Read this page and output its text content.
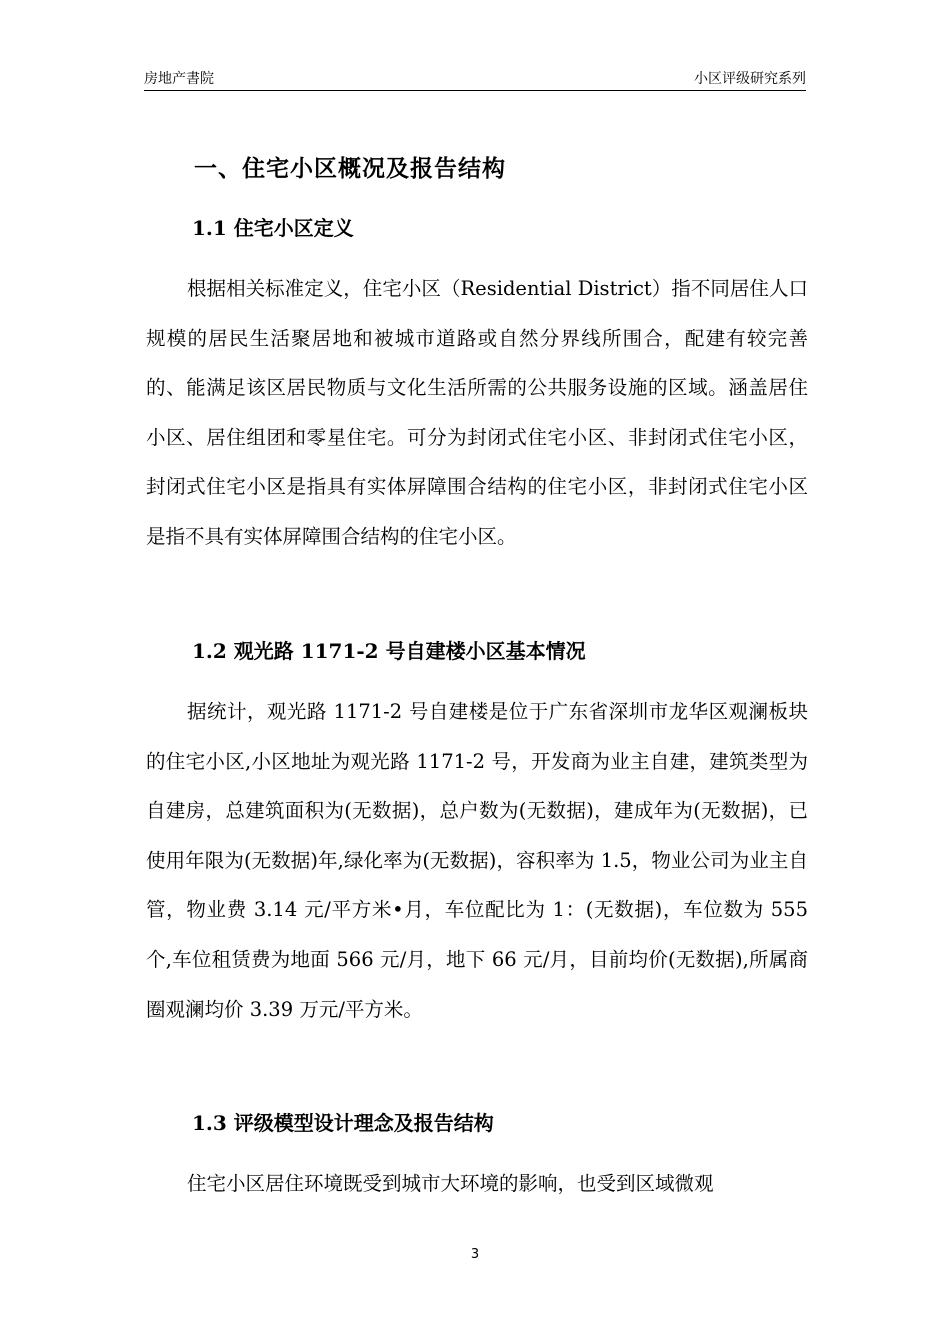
房地产書院	小区评级研究系列
一、住宅小区概况及报告结构
1.1 住宅小区定义

根据相关标准定义，住宅小区（Residential District）指不同居住人口规模的居民生活聚居地和被城市道路或自然分界线所围合，配建有较完善的、能满足该区居民物质与文化生活所需的公共服务设施的区域。涵盖居住小区、居住组团和零星住宅。可分为封闭式住宅小区、非封闭式住宅小区，封闭式住宅小区是指具有实体屏障围合结构的住宅小区，非封闭式住宅小区是指不具有实体屏障围合结构的住宅小区。

1.2 观光路 1171-2 号自建楼小区基本情况

据统计，观光路 1171-2 号自建楼是位于广东省深圳市龙华区观澜板块的住宅小区,小区地址为观光路 1171-2 号，开发商为业主自建，建筑类型为自建房，总建筑面积为(无数据)，总户数为(无数据)，建成年为(无数据)，已使用年限为(无数据)年,绿化率为(无数据)，容积率为 1.5，物业公司为业主自管，物业费 3.14 元/平方米•月，车位配比为 1：(无数据)，车位数为 555 个,车位租赁费为地面 566 元/月，地下 66 元/月，目前均价(无数据),所属商圈观澜均价 3.39 万元/平方米。

1.3 评级模型设计理念及报告结构

住宅小区居住环境既受到城市大环境的影响，也受到区域微观

3
